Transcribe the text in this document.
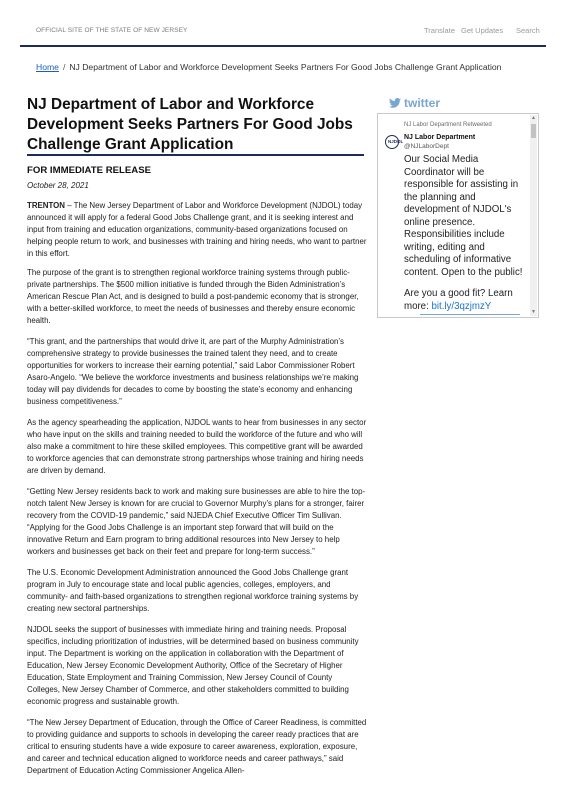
OFFICIAL SITE OF THE STATE OF NEW JERSEY	Translate Get Updates Search
Home / NJ Department of Labor and Workforce Development Seeks Partners For Good Jobs Challenge Grant Application
NJ Department of Labor and Workforce Development Seeks Partners For Good Jobs Challenge Grant Application
FOR IMMEDIATE RELEASE
October 28, 2021

TRENTON – The New Jersey Department of Labor and Workforce Development (NJDOL) today announced it will apply for a federal Good Jobs Challenge grant, and it is seeking interest and input from training and education organizations, community-based organizations focused on helping people return to work, and businesses with training and hiring needs, who want to partner in this effort.

The purpose of the grant is to strengthen regional workforce training systems through public-private partnerships. The $500 million initiative is funded through the Biden Administration’s American Rescue Plan Act, and is designed to build a post-pandemic economy that is stronger, with a better-skilled workforce, to meet the needs of businesses and thereby ensure economic health.

“This grant, and the partnerships that would drive it, are part of the Murphy Administration’s comprehensive strategy to provide businesses the trained talent they need, and to create opportunities for workers to increase their earning potential,” said Labor Commissioner Robert Asaro-Angelo. “We believe the workforce investments and business relationships we’re making today will pay dividends for decades to come by boosting the state’s economy and enhancing business competitiveness.”

As the agency spearheading the application, NJDOL wants to hear from businesses in any sector who have input on the skills and training needed to build the workforce of the future and who will also make a commitment to hire these skilled employees. This competitive grant will be awarded to workforce agencies that can demonstrate strong partnerships whose training and hiring needs are driven by demand.

“Getting New Jersey residents back to work and making sure businesses are able to hire the top-notch talent New Jersey is known for are crucial to Governor Murphy’s plans for a stronger, fairer recovery from the COVID-19 pandemic,” said NJEDA Chief Executive Officer Tim Sullivan. “Applying for the Good Jobs Challenge is an important step forward that will build on the innovative Return and Earn program to bring additional resources into New Jersey to help workers and businesses get back on their feet and prepare for long-term success.”

The U.S. Economic Development Administration announced the Good Jobs Challenge grant program in July to encourage state and local public agencies, colleges, employers, and community- and faith-based organizations to strengthen regional workforce training systems by creating new sectoral partnerships.

NJDOL seeks the support of businesses with immediate hiring and training needs. Proposal specifics, including prioritization of industries, will be determined based on business community input. The Department is working on the application in collaboration with the Department of Education, New Jersey Economic Development Authority, Office of the Secretary of Higher Education, State Employment and Training Commission, New Jersey Council of County Colleges, New Jersey Chamber of Commerce, and other stakeholders committed to building economic progress and sustainable growth.

“The New Jersey Department of Education, through the Office of Career Readiness, is committed to providing guidance and supports to schools in developing the career ready practices that are critical to ensuring students have a wide exposure to career awareness, exploration, exposure, and career and technical education aligned to workforce needs and career pathways,” said Department of Education Acting Commissioner Angelica Allen-

twitter
NJ Labor Department Retweeted
NJDOL
NJ Labor Department
@NJLaborDept
Our Social Media Coordinator will be responsible for assisting in the planning and development of NJDOL's online presence. Responsibilities include writing, editing and scheduling of informative content. Open to the public!
Are you a good fit? Learn more: bit.ly/3qzjmzY
▲
▼
